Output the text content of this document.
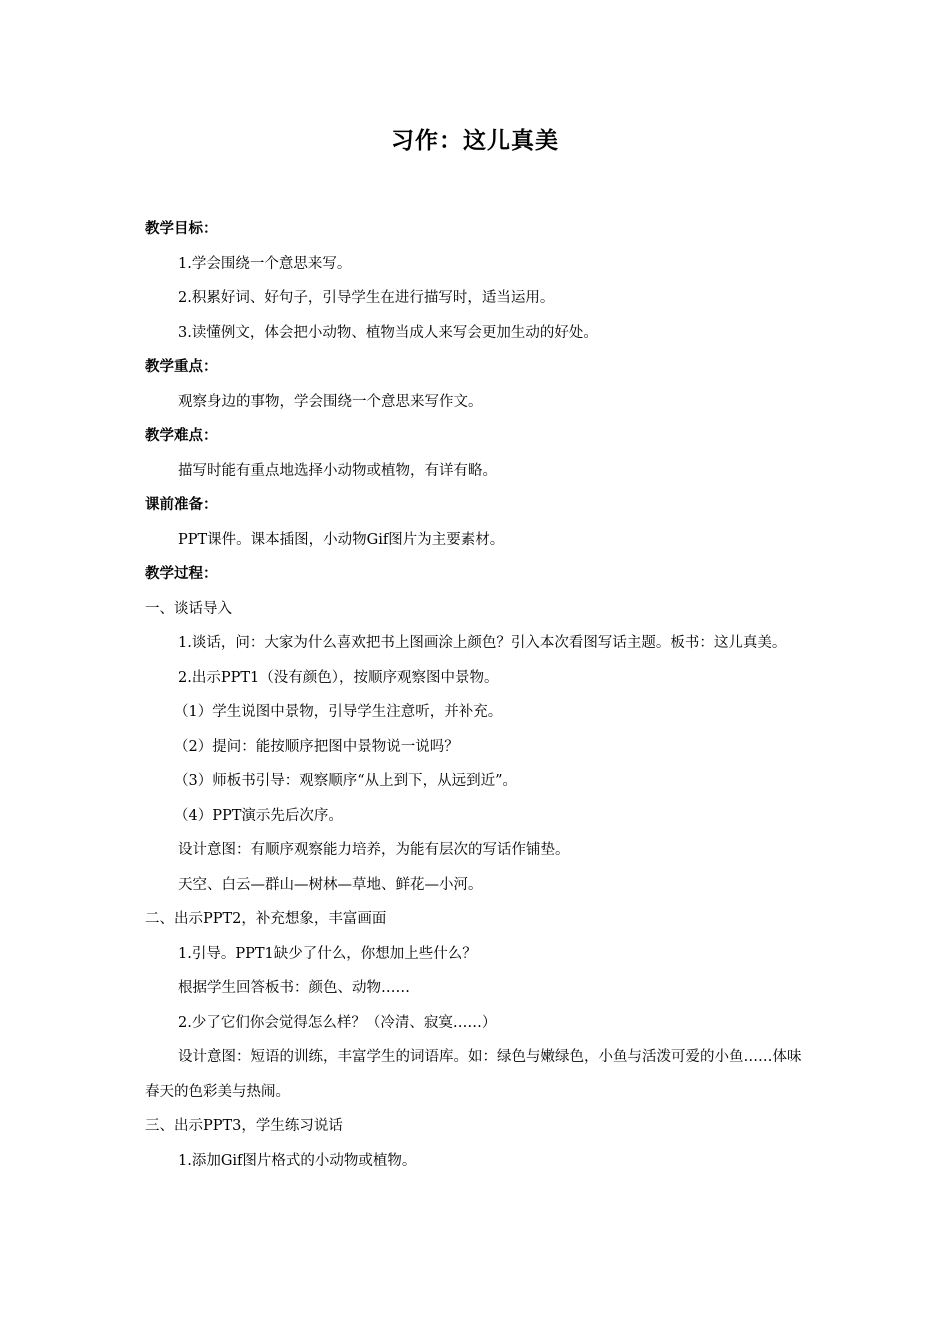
习作：这儿真美
教学目标：
1.学会围绕一个意思来写。
2.积累好词、好句子，引导学生在进行描写时，适当运用。
3.读懂例文，体会把小动物、植物当成人来写会更加生动的好处。
教学重点：
观察身边的事物，学会围绕一个意思来写作文。
教学难点：
描写时能有重点地选择小动物或植物，有详有略。
课前准备：
PPT课件。课本插图，小动物Gif图片为主要素材。
教学过程：
一、谈话导入
1.谈话，问：大家为什么喜欢把书上图画涂上颜色？引入本次看图写话主题。板书：这儿真美。
2.出示PPT1（没有颜色），按顺序观察图中景物。
（1）学生说图中景物，引导学生注意听，并补充。
（2）提问：能按顺序把图中景物说一说吗？
（3）师板书引导：观察顺序“从上到下，从远到近”。
（4）PPT演示先后次序。
设计意图：有顺序观察能力培养，为能有层次的写话作铺垫。
天空、白云—群山—树林—草地、鲜花—小河。
二、出示PPT2，补充想象，丰富画面
1.引导。PPT1缺少了什么，你想加上些什么？
根据学生回答板书：颜色、动物……
2.少了它们你会觉得怎么样？（冷清、寂寞……）
设计意图：短语的训练，丰富学生的词语库。如：绿色与嫩绿色，小鱼与活泼可爱的小鱼……体味春天的色彩美与热闹。
三、出示PPT3，学生练习说话
1.添加Gif图片格式的小动物或植物。
